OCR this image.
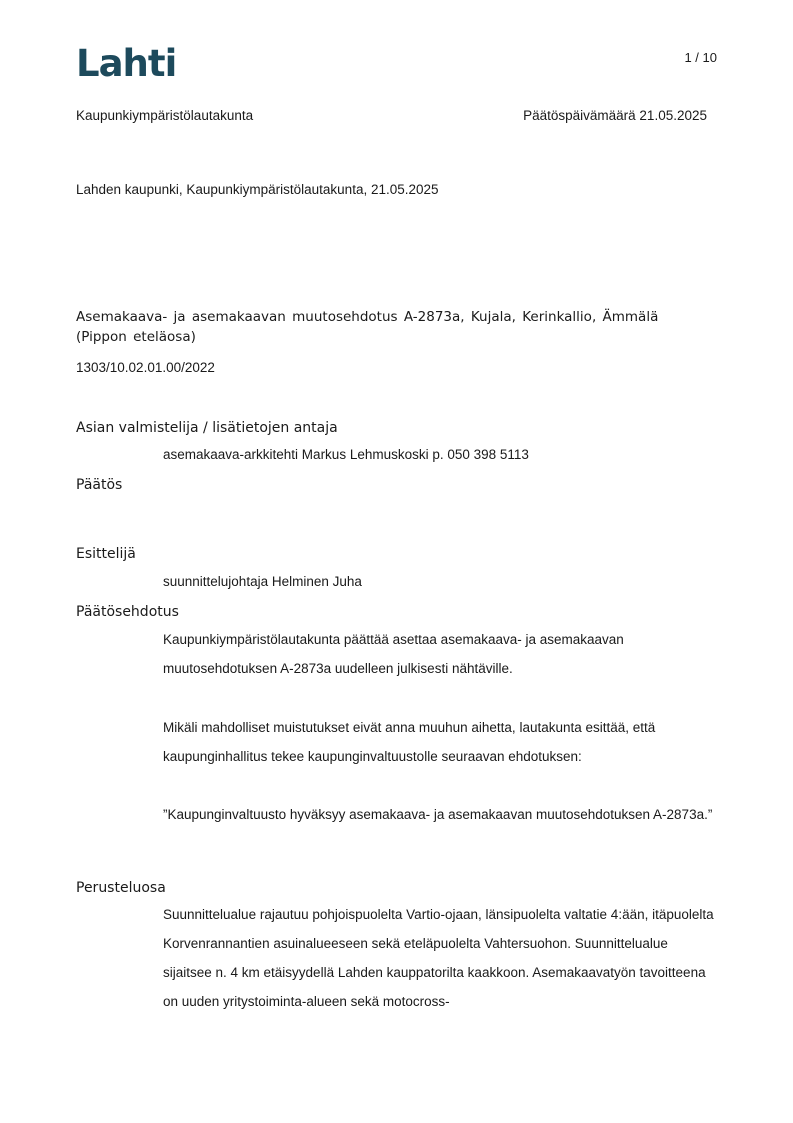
Lahti	1 / 10
Kaupunkiympäristölautakunta	Päätöspäivämäärä 21.05.2025
Lahden kaupunki, Kaupunkiympäristölautakunta, 21.05.2025
Asemakaava- ja asemakaavan muutosehdotus A-2873a, Kujala, Kerinkallio, Ämmälä
(Pippon eteläosa)
1303/10.02.01.00/2022
Asian valmistelija / lisätietojen antaja
asemakaava-arkkitehti Markus Lehmuskoski p. 050 398 5113
Päätös
Esittelijä
suunnittelujohtaja Helminen Juha
Päätösehdotus

Kaupunkiympäristölautakunta päättää asettaa asemakaava- ja asemakaavan muutosehdotuksen A-2873a uudelleen julkisesti nähtäville.

Mikäli mahdolliset muistutukset eivät anna muuhun aihetta, lautakunta esittää, että kaupunginhallitus tekee kaupunginvaltuustolle seuraavan ehdotuksen:

”Kaupunginvaltuusto hyväksyy asemakaava- ja asemakaavan muutosehdotuksen A-2873a.”

Perusteluosa

Suunnittelualue rajautuu pohjoispuolelta Vartio-ojaan, länsipuolelta valtatie 4:ään, itäpuolelta Korvenrannantien asuinalueeseen sekä eteläpuolelta Vahtersuohon. Suunnittelualue sijaitsee n. 4 km etäisyydellä Lahden kauppatorilta kaakkoon. Asemakaavatyön tavoitteena on uuden yritystoiminta-alueen sekä motocross-
